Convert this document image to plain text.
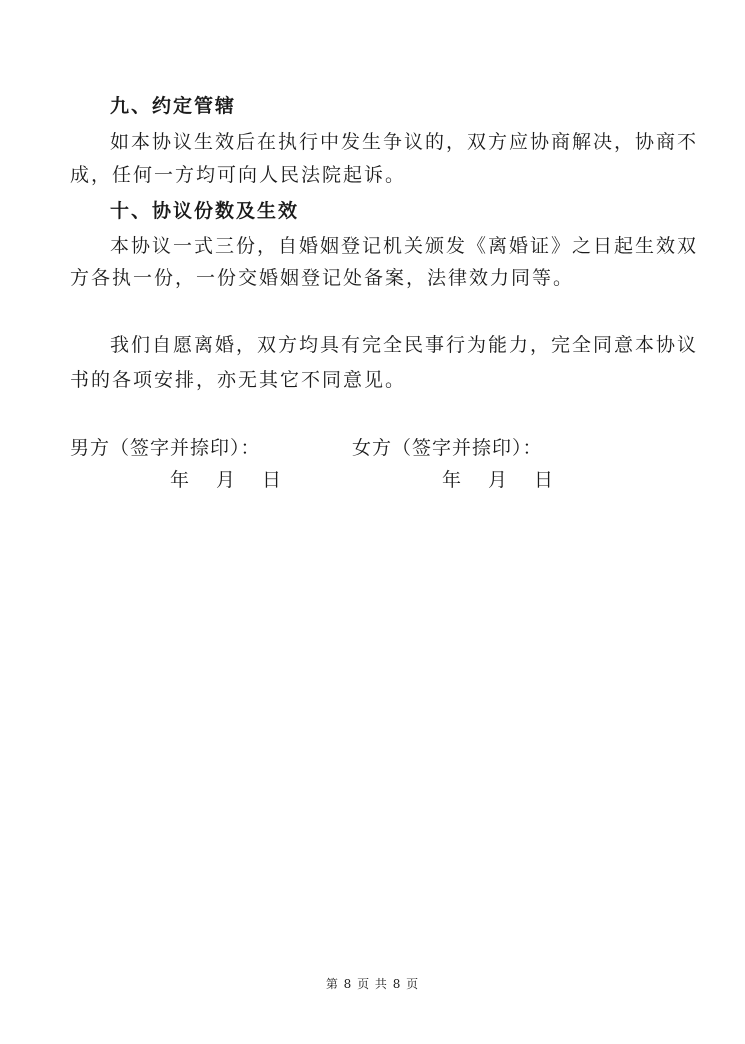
九、约定管辖
如本协议生效后在执行中发生争议的，双方应协商解决，协商不
成，任何一方均可向人民法院起诉。
十、协议份数及生效
本协议一式三份，自婚姻登记机关颁发《离婚证》之日起生效双
方各执一份，一份交婚姻登记处备案，法律效力同等。
我们自愿离婚，双方均具有完全民事行为能力，完全同意本协议
书的各项安排，亦无其它不同意见。
男方（签字并捺印）：	女方（签字并捺印）：
年　月　日	年　月　日
第 8 页 共 8 页
